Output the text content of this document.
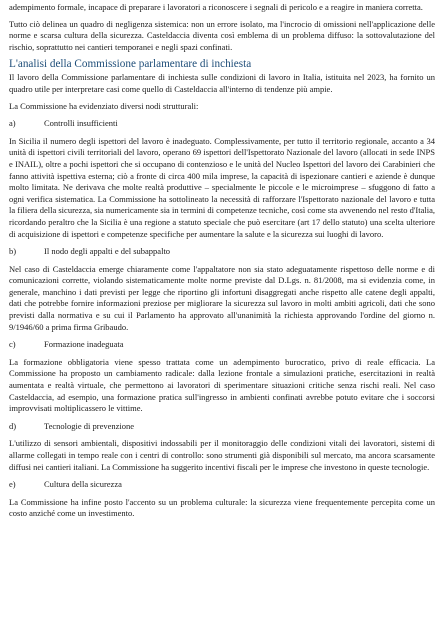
adempimento formale, incapace di preparare i lavoratori a riconoscere i segnali di pericolo e a reagire in maniera corretta.

Tutto ciò delinea un quadro di negligenza sistemica: non un errore isolato, ma l'incrocio di omissioni nell'applicazione delle norme e scarsa cultura della sicurezza. Casteldaccia diventa così emblema di un problema diffuso: la sottovalutazione del rischio, soprattutto nei cantieri temporanei e negli spazi confinati.

L'analisi della Commissione parlamentare di inchiesta

Il lavoro della Commissione parlamentare di inchiesta sulle condizioni di lavoro in Italia, istituita nel 2023, ha fornito un quadro utile per interpretare casi come quello di Casteldaccia all'interno di tendenze più ampie.

La Commissione ha evidenziato diversi nodi strutturali:

a)	Controlli insufficienti

In Sicilia il numero degli ispettori del lavoro è inadeguato. Complessivamente, per tutto il territorio regionale, accanto a 34 unità di ispettori civili territoriali del lavoro, operano 69 ispettori dell'Ispettorato Nazionale del lavoro (allocati in sede INPS e INAIL), oltre a pochi ispettori che si occupano di contenzioso e le unità del Nucleo Ispettori del lavoro dei Carabinieri che fanno attività ispettiva esterna; ciò a fronte di circa 400 mila imprese, la capacità di ispezionare cantieri e aziende è dunque molto limitata. Ne derivava che molte realtà produttive – specialmente le piccole e le microimprese – sfuggono di fatto a ogni verifica sistematica. La Commissione ha sottolineato la necessità di rafforzare l'Ispettorato nazionale del lavoro e tutta la filiera della sicurezza, sia numericamente sia in termini di competenze tecniche, così come sta avvenendo nel resto d'Italia, ricordando peraltro che la Sicilia è una regione a statuto speciale che può esercitare (art 17 dello statuto) una scelta ulteriore di acquisizione di ispettori e competenze specifiche per aumentare la salute e la sicurezza sui luoghi di lavoro.

b)	Il nodo degli appalti e del subappalto

Nel caso di Casteldaccia emerge chiaramente come l'appaltatore non sia stato adeguatamente rispettoso delle norme e di comunicazioni corrette, violando sistematicamente molte norme previste dal D.Lgs. n. 81/2008, ma si evidenzia come, in generale, manchino i dati previsti per legge che riportino gli infortuni disaggregati anche rispetto alle catene degli appalti, dati che potrebbe fornire informazioni preziose per migliorare la sicurezza sul lavoro in molti ambiti agricoli, dati che sono previsti dalla normativa e su cui il Parlamento ha approvato all'unanimità la richiesta approvando l'ordine del giorno n. 9/1946/60 a prima firma Gribaudo.

c)	Formazione inadeguata

La formazione obbligatoria viene spesso trattata come un adempimento burocratico, privo di reale efficacia. La Commissione ha proposto un cambiamento radicale: dalla lezione frontale a simulazioni pratiche, esercitazioni in realtà aumentata e realtà virtuale, che permettono ai lavoratori di sperimentare situazioni critiche senza rischi reali. Nel caso Casteldaccia, ad esempio, una formazione pratica sull'ingresso in ambienti confinati avrebbe potuto evitare che i soccorsi improvvisati moltiplicassero le vittime.

d)	Tecnologie di prevenzione

L'utilizzo di sensori ambientali, dispositivi indossabili per il monitoraggio delle condizioni vitali dei lavoratori, sistemi di allarme collegati in tempo reale con i centri di controllo: sono strumenti già disponibili sul mercato, ma ancora scarsamente diffusi nei cantieri italiani. La Commissione ha suggerito incentivi fiscali per le imprese che investono in queste tecnologie.

e)	Cultura della sicurezza

La Commissione ha infine posto l'accento su un problema culturale: la sicurezza viene frequentemente percepita come un costo anziché come un investimento.
